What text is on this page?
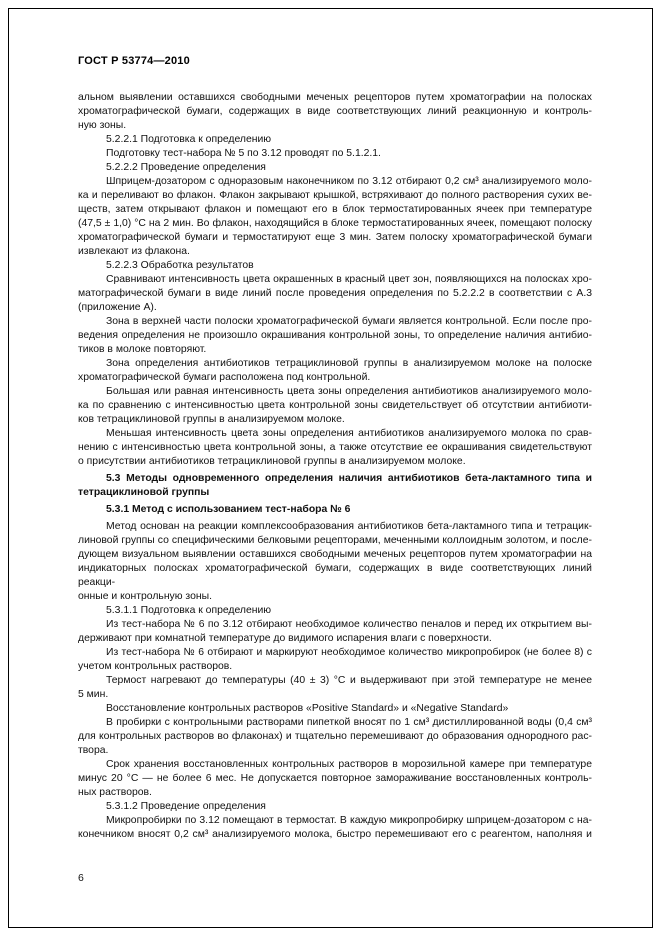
ГОСТ Р 53774—2010
альном выявлении оставшихся свободными меченых рецепторов путем хроматографии на полосках
хроматографической бумаги, содержащих в виде соответствующих линий реакционную и контроль-
ную зоны.
5.2.2.1 Подготовка к определению
Подготовку тест-набора № 5 по 3.12 проводят по 5.1.2.1.
5.2.2.2 Проведение определения
Шприцем-дозатором с одноразовым наконечником по 3.12 отбирают 0,2 см³ анализируемого моло-
ка и переливают во флакон. Флакон закрывают крышкой, встряхивают до полного растворения сухих ве-
ществ, затем открывают флакон и помещают его в блок термостатированных ячеек при температуре
(47,5 ± 1,0) °С на 2 мин. Во флакон, находящийся в блоке термостатированных ячеек, помещают полоску
хроматографической бумаги и термостатируют еще 3 мин. Затем полоску хроматографической бумаги
извлекают из флакона.
5.2.2.3 Обработка результатов
Сравнивают интенсивность цвета окрашенных в красный цвет зон, появляющихся на полосках хро-
матографической бумаги в виде линий после проведения определения по 5.2.2.2 в соответствии с А.3
(приложение А).
Зона в верхней части полоски хроматографической бумаги является контрольной. Если после про-
ведения определения не произошло окрашивания контрольной зоны, то определение наличия антибио-
тиков в молоке повторяют.
Зона определения антибиотиков тетрациклиновой группы в анализируемом молоке на полоске
хроматографической бумаги расположена под контрольной.
Большая или равная интенсивность цвета зоны определения антибиотиков анализируемого моло-
ка по сравнению с интенсивностью цвета контрольной зоны свидетельствует об отсутствии антибиоти-
ков тетрациклиновой группы в анализируемом молоке.
Меньшая интенсивность цвета зоны определения антибиотиков анализируемого молока по срав-
нению с интенсивностью цвета контрольной зоны, а также отсутствие ее окрашивания свидетельствуют
о присутствии антибиотиков тетрациклиновой группы в анализируемом молоке.
5.3 Методы одновременного определения наличия антибиотиков бета-лактамного типа и
тетрациклиновой группы
5.3.1 Метод с использованием тест-набора № 6
Метод основан на реакции комплексообразования антибиотиков бета-лактамного типа и тетрацик-
линовой группы со специфическими белковыми рецепторами, меченными коллоидным золотом, и после-
дующем визуальном выявлении оставшихся свободными меченых рецепторов путем хроматографии на
индикаторных полосках хроматографической бумаги, содержащих в виде соответствующих линий реакци-
онные и контрольную зоны.
5.3.1.1 Подготовка к определению
Из тест-набора № 6 по 3.12 отбирают необходимое количество пеналов и перед их открытием вы-
держивают при комнатной температуре до видимого испарения влаги с поверхности.
Из тест-набора № 6 отбирают и маркируют необходимое количество микропробирок (не более 8) с
учетом контрольных растворов.
Термост нагревают до температуры (40 ± 3) °С и выдерживают при этой температуре не менее
5 мин.
Восстановление контрольных растворов «Positive Standard» и «Negative Standard»
В пробирки с контрольными растворами пипеткой вносят по 1 см³ дистиллированной воды (0,4 см³
для контрольных растворов во флаконах) и тщательно перемешивают до образования однородного рас-
твора.
Срок хранения восстановленных контрольных растворов в морозильной камере при температуре
минус 20 °С — не более 6 мес. Не допускается повторное замораживание восстановленных контроль-
ных растворов.
5.3.1.2 Проведение определения
Микропробирки по 3.12 помещают в термостат. В каждую микропробирку шприцем-дозатором с на-
конечником вносят 0,2 см³ анализируемого молока, быстро перемешивают его с реагентом, наполняя и
6
